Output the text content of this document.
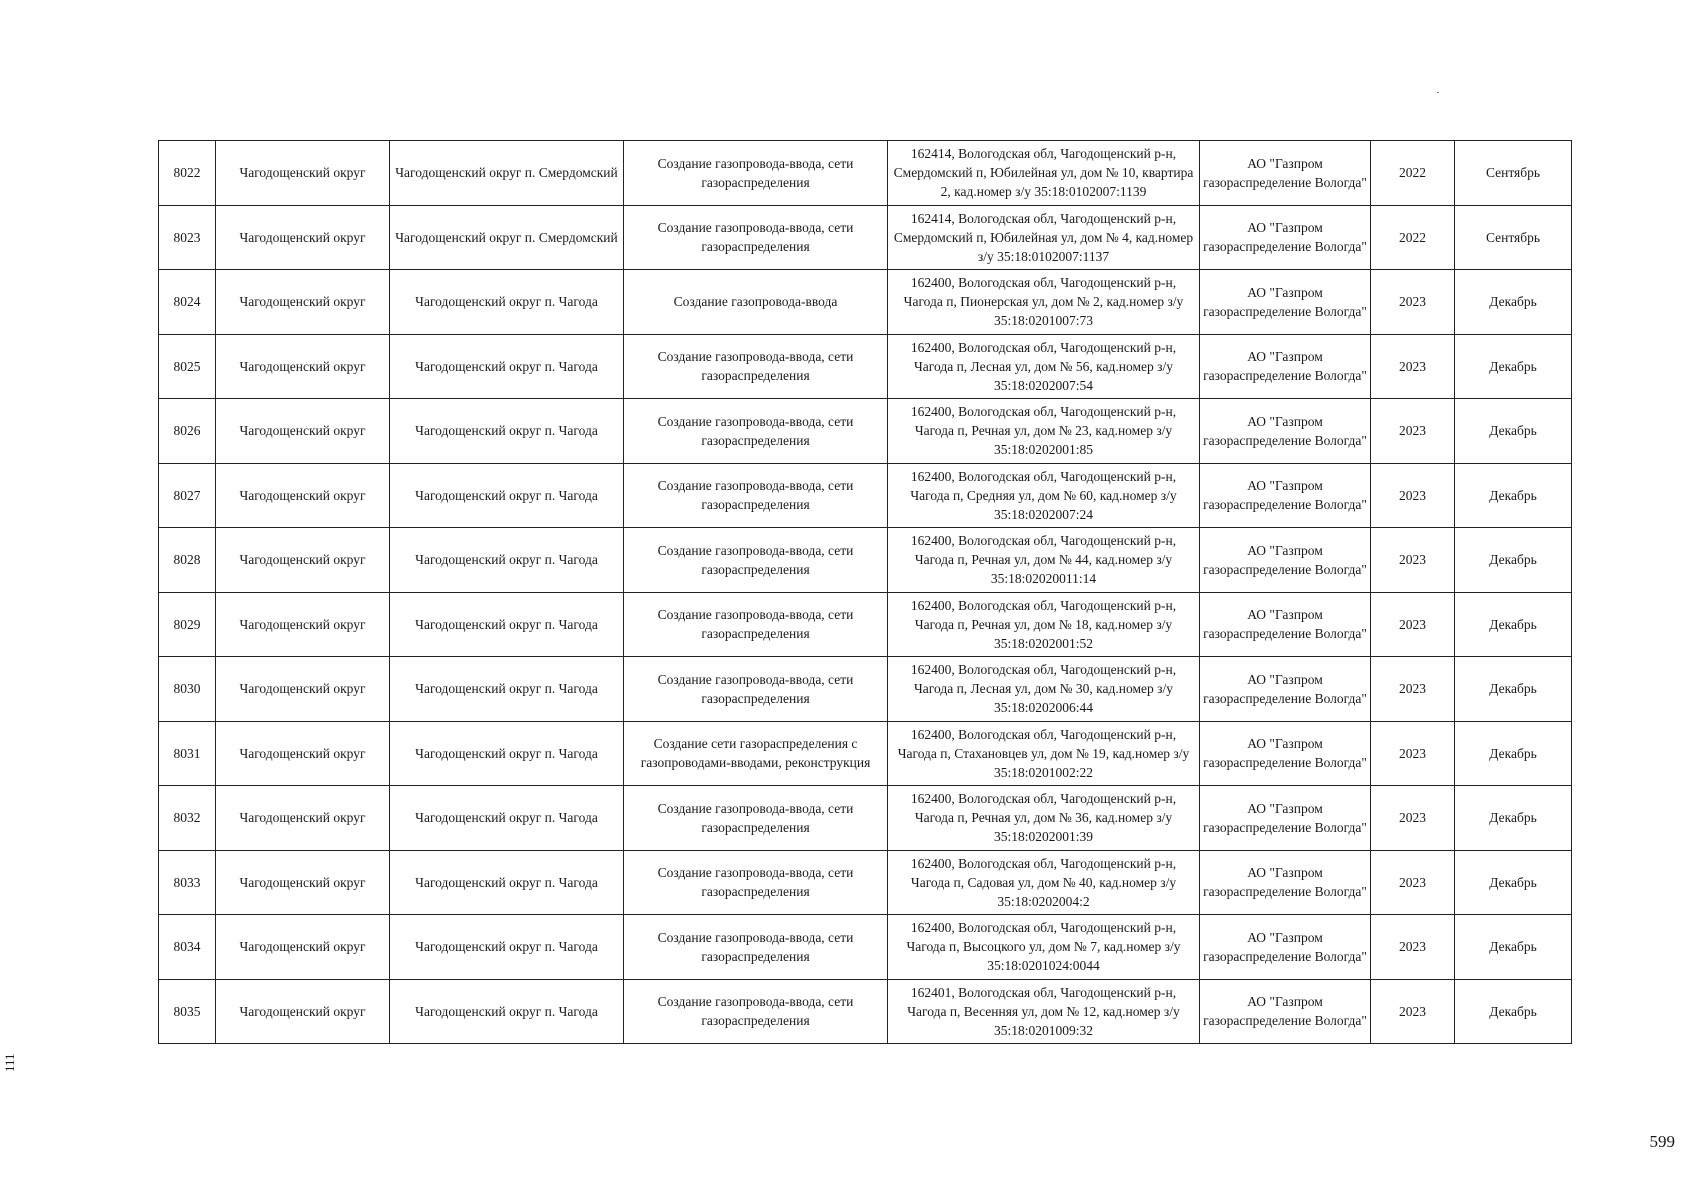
8022	Чагодощенский округ	Чагодощенский округ п. Смердомский	Создание газопровода-ввода, сети газораспределения	162414, Вологодская обл, Чагодощенский р-н, Смердомский п, Юбилейная ул, дом № 10, квартира 2, кад.номер з/у 35:18:0102007:1139	АО "Газпром газораспределение Вологда"	2022	Сентябрь
8023	Чагодощенский округ	Чагодощенский округ п. Смердомский	Создание газопровода-ввода, сети газораспределения	162414, Вологодская обл, Чагодощенский р-н, Смердомский п, Юбилейная ул, дом № 4, кад.номер з/у 35:18:0102007:1137	АО "Газпром газораспределение Вологда"	2022	Сентябрь
8024	Чагодощенский округ	Чагодощенский округ п. Чагода	Создание газопровода-ввода	162400, Вологодская обл, Чагодощенский р-н, Чагода п, Пионерская ул, дом № 2, кад.номер з/у 35:18:0201007:73	АО "Газпром газораспределение Вологда"	2023	Декабрь
8025	Чагодощенский округ	Чагодощенский округ п. Чагода	Создание газопровода-ввода, сети газораспределения	162400, Вологодская обл, Чагодощенский р-н, Чагода п, Лесная ул, дом № 56, кад.номер з/у 35:18:0202007:54	АО "Газпром газораспределение Вологда"	2023	Декабрь
8026	Чагодощенский округ	Чагодощенский округ п. Чагода	Создание газопровода-ввода, сети газораспределения	162400, Вологодская обл, Чагодощенский р-н, Чагода п, Речная ул, дом № 23, кад.номер з/у 35:18:0202001:85	АО "Газпром газораспределение Вологда"	2023	Декабрь
8027	Чагодощенский округ	Чагодощенский округ п. Чагода	Создание газопровода-ввода, сети газораспределения	162400, Вологодская обл, Чагодощенский р-н, Чагода п, Средняя ул, дом № 60, кад.номер з/у 35:18:0202007:24	АО "Газпром газораспределение Вологда"	2023	Декабрь
8028	Чагодощенский округ	Чагодощенский округ п. Чагода	Создание газопровода-ввода, сети газораспределения	162400, Вологодская обл, Чагодощенский р-н, Чагода п, Речная ул, дом № 44, кад.номер з/у 35:18:02020011:14	АО "Газпром газораспределение Вологда"	2023	Декабрь
8029	Чагодощенский округ	Чагодощенский округ п. Чагода	Создание газопровода-ввода, сети газораспределения	162400, Вологодская обл, Чагодощенский р-н, Чагода п, Речная ул, дом № 18, кад.номер з/у 35:18:0202001:52	АО "Газпром газораспределение Вологда"	2023	Декабрь
8030	Чагодощенский округ	Чагодощенский округ п. Чагода	Создание газопровода-ввода, сети газораспределения	162400, Вологодская обл, Чагодощенский р-н, Чагода п, Лесная ул, дом № 30, кад.номер з/у 35:18:0202006:44	АО "Газпром газораспределение Вологда"	2023	Декабрь
8031	Чагодощенский округ	Чагодощенский округ п. Чагода	Создание сети газораспределения с газопроводами-вводами, реконструкция	162400, Вологодская обл, Чагодощенский р-н, Чагода п, Стахановцев ул, дом № 19, кад.номер з/у 35:18:0201002:22	АО "Газпром газораспределение Вологда"	2023	Декабрь
8032	Чагодощенский округ	Чагодощенский округ п. Чагода	Создание газопровода-ввода, сети газораспределения	162400, Вологодская обл, Чагодощенский р-н, Чагода п, Речная ул, дом № 36, кад.номер з/у 35:18:0202001:39	АО "Газпром газораспределение Вологда"	2023	Декабрь
8033	Чагодощенский округ	Чагодощенский округ п. Чагода	Создание газопровода-ввода, сети газораспределения	162400, Вологодская обл, Чагодощенский р-н, Чагода п, Садовая ул, дом № 40, кад.номер з/у 35:18:0202004:2	АО "Газпром газораспределение Вологда"	2023	Декабрь
8034	Чагодощенский округ	Чагодощенский округ п. Чагода	Создание газопровода-ввода, сети газораспределения	162400, Вологодская обл, Чагодощенский р-н, Чагода п, Высоцкого ул, дом № 7, кад.номер з/у 35:18:0201024:0044	АО "Газпром газораспределение Вологда"	2023	Декабрь
8035	Чагодощенский округ	Чагодощенский округ п. Чагода	Создание газопровода-ввода, сети газораспределения	162401, Вологодская обл, Чагодощенский р-н, Чагода п, Весенняя ул, дом № 12, кад.номер з/у 35:18:0201009:32	АО "Газпром газораспределение Вологда"	2023	Декабрь
111
599
